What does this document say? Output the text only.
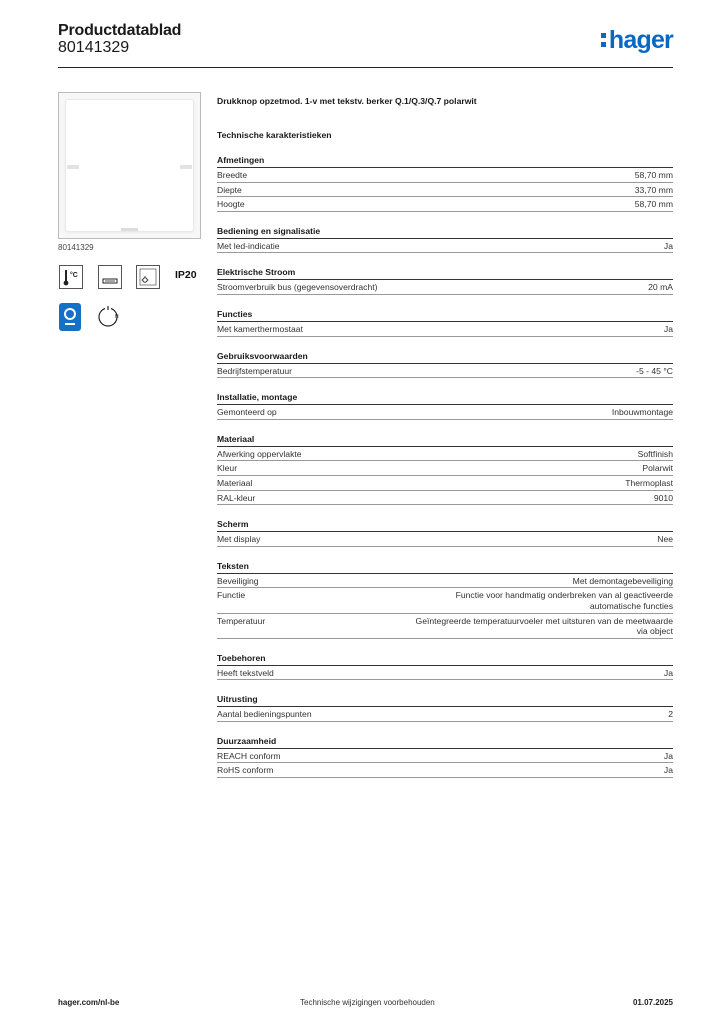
Productdatablad
80141329	hager
80141329
°C	IP20
H
Drukknop opzetmod. 1-v met tekstv. berker Q.1/Q.3/Q.7 polarwit
Technische karakteristieken
Afmetingen
Breedte	58,70 mm
Diepte	33,70 mm
Hoogte	58,70 mm
Bediening en signalisatie
Met led-indicatie	Ja
Elektrische Stroom
Stroomverbruik bus (gegevensoverdracht)	20 mA
Functies
Met kamerthermostaat	Ja
Gebruiksvoorwaarden
Bedrijfstemperatuur	-5 - 45 °C
Installatie, montage
Gemonteerd op	Inbouwmontage
Materiaal
Afwerking oppervlakte	Softfinish
Kleur	Polarwit
Materiaal	Thermoplast
RAL-kleur	9010
Scherm
Met display	Nee
Teksten
Beveiliging	Met demontagebeveiliging
Functie	Functie voor handmatig onderbreken van al geactiveerde automatische functies
Temperatuur	Geïntegreerde temperatuurvoeler met uitsturen van de meetwaarde via object
Toebehoren
Heeft tekstveld	Ja
Uitrusting
Aantal bedieningspunten	2
Duurzaamheid
REACH conform	Ja
RoHS conform	Ja
hager.com/nl-be	Technische wijzigingen voorbehouden	01.07.2025
